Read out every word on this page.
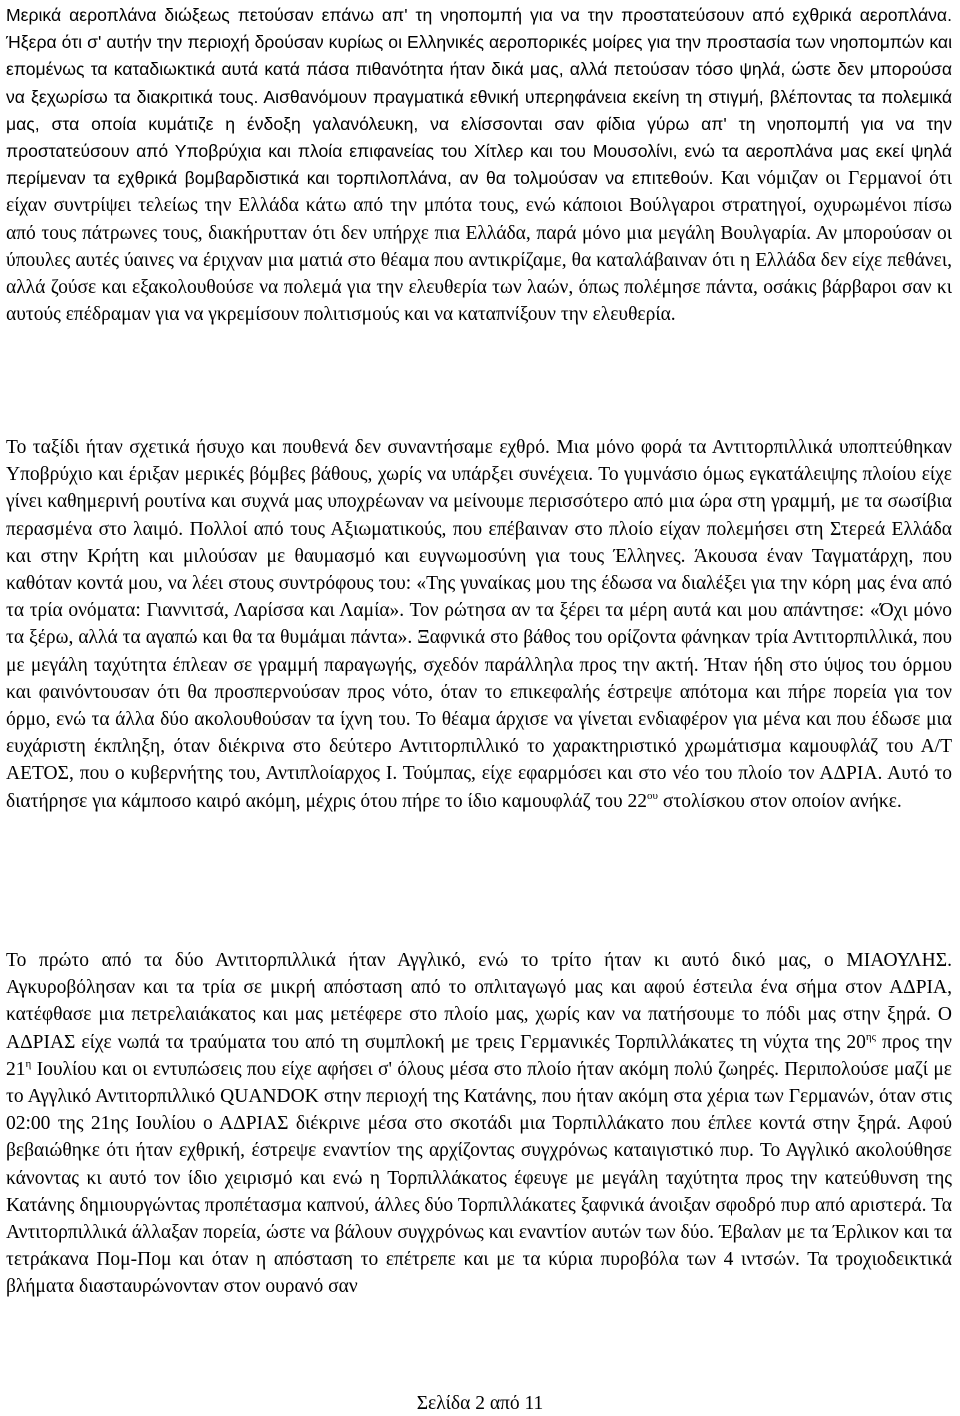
Μερικά αεροπλάνα διώξεως πετούσαν επάνω απ' τη νηοπομπή για να την προστατεύσουν από εχθρικά αεροπλάνα. Ήξερα ότι σ' αυτήν την περιοχή δρούσαν κυρίως οι Ελληνικές αεροπορικές μοίρες για την προστασία των νηοπομπών και επομένως τα καταδιωκτικά αυτά κατά πάσα πιθανότητα ήταν δικά μας, αλλά πετούσαν τόσο ψηλά, ώστε δεν μπορούσα να ξεχωρίσω τα διακριτικά τους. Αισθανόμουν πραγματικά εθνική υπερηφάνεια εκείνη τη στιγμή, βλέποντας τα πολεμικά μας, στα οποία κυμάτιζε η ένδοξη γαλανόλευκη, να ελίσσονται σαν φίδια γύρω απ' τη νηοπομπή για να την προστατεύσουν από Υποβρύχια και πλοία επιφανείας του Χίτλερ και του Μουσολίνι, ενώ τα αεροπλάνα μας εκεί ψηλά περίμεναν τα εχθρικά βομβαρδιστικά και τορπιλοπλάνα, αν θα τολμούσαν να επιτεθούν. Και νόμιζαν οι Γερμανοί ότι είχαν συντρίψει τελείως την Ελλάδα κάτω από την μπότα τους, ενώ κάποιοι Βούλγαροι στρατηγοί, οχυρωμένοι πίσω από τους πάτρωνες τους, διακήρυτταν ότι δεν υπήρχε πια Ελλάδα, παρά μόνο μια μεγάλη Βουλγαρία. Αν μπορούσαν οι ύπουλες αυτές ύαινες να έριχναν μια ματιά στο θέαμα που αντικρίζαμε, θα καταλάβαιναν ότι η Ελλάδα δεν είχε πεθάνει, αλλά ζούσε και εξακολουθούσε να πολεμά για την ελευθερία των λαών, όπως πολέμησε πάντα, οσάκις βάρβαροι σαν κι αυτούς επέδραμαν για να γκρεμίσουν πολιτισμούς και να καταπνίξουν την ελευθερία.

Το ταξίδι ήταν σχετικά ήσυχο και πουθενά δεν συναντήσαμε εχθρό. Μια μόνο φορά τα Αντιτορπιλλικά υποπτεύθηκαν Υποβρύχιο και έριξαν μερικές βόμβες βάθους, χωρίς να υπάρξει συνέχεια. Το γυμνάσιο όμως εγκατάλειψης πλοίου είχε γίνει καθημερινή ρουτίνα και συχνά μας υποχρέωναν να μείνουμε περισσότερο από μια ώρα στη γραμμή, με τα σωσίβια περασμένα στο λαιμό. Πολλοί από τους Αξιωματικούς, που επέβαιναν στο πλοίο είχαν πολεμήσει στη Στερεά Ελλάδα και στην Κρήτη και μιλούσαν με θαυμασμό και ευγνωμοσύνη για τους Έλληνες. Άκουσα έναν Ταγματάρχη, που καθόταν κοντά μου, να λέει στους συντρόφους του: «Της γυναίκας μου της έδωσα να διαλέξει για την κόρη μας ένα από τα τρία ονόματα: Γιαννιτσά, Λαρίσσα και Λαμία». Τον ρώτησα αν τα ξέρει τα μέρη αυτά και μου απάντησε: «Όχι μόνο τα ξέρω, αλλά τα αγαπώ και θα τα θυμάμαι πάντα». Ξαφνικά στο βάθος του ορίζοντα φάνηκαν τρία Αντιτορπιλλικά, που με μεγάλη ταχύτητα έπλεαν σε γραμμή παραγωγής, σχεδόν παράλληλα προς την ακτή. Ήταν ήδη στο ύψος του όρμου και φαινόντουσαν ότι θα προσπερνούσαν προς νότο, όταν το επικεφαλής έστρεψε απότομα και πήρε πορεία για τον όρμο, ενώ τα άλλα δύο ακολουθούσαν τα ίχνη του. Το θέαμα άρχισε να γίνεται ενδιαφέρον για μένα και που έδωσε μια ευχάριστη έκπληξη, όταν διέκρινα στο δεύτερο Αντιτορπιλλικό το χαρακτηριστικό χρωμάτισμα καμουφλάζ του Α/Τ ΑΕΤΟΣ, που ο κυβερνήτης του, Αντιπλοίαρχος Ι. Τούμπας, είχε εφαρμόσει και στο νέο του πλοίο τον ΑΔΡΙΑ. Αυτό το διατήρησε για κάμποσο καιρό ακόμη, μέχρις ότου πήρε το ίδιο καμουφλάζ του $22^{o\upsilon}$ στολίσκου στον οποίον ανήκε.

Το πρώτο από τα δύο Αντιτορπιλλικά ήταν Αγγλικό, ενώ το τρίτο ήταν κι αυτό δικό μας, ο ΜΙΑΟΥΛΗΣ. Αγκυροβόλησαν και τα τρία σε μικρή απόσταση από το οπλιταγωγό μας και αφού έστειλα ένα σήμα στον ΑΔΡΙΑ, κατέφθασε μια πετρελαιάκατος και μας μετέφερε στο πλοίο μας, χωρίς καν να πατήσουμε το πόδι μας στην ξηρά. Ο ΑΔΡΙΑΣ είχε νωπά τα τραύματα του από τη συμπλοκή με τρεις Γερμανικές Τορπιλλάκατες τη νύχτα της $20^{\eta\varsigma}$ προς την $21^\eta$ Ιουλίου και οι εντυπώσεις που είχε αφήσει σ' όλους μέσα στο πλοίο ήταν ακόμη πολύ ζωηρές. Περιπολούσε μαζί με το Αγγλικό Αντιτορπιλλικό QUANDOK στην περιοχή της Κατάνης, που ήταν ακόμη στα χέρια των Γερμανών, όταν στις 02:00 της 21ης Ιουλίου ο ΑΔΡΙΑΣ διέκρινε μέσα στο σκοτάδι μια Τορπιλλάκατο που έπλεε κοντά στην ξηρά. Αφού βεβαιώθηκε ότι ήταν εχθρική, έστρεψε εναντίον της αρχίζοντας συγχρόνως καταιγιστικό πυρ. Το Αγγλικό ακολούθησε κάνοντας κι αυτό τον ίδιο χειρισμό και ενώ η Τορπιλλάκατος έφευγε με μεγάλη ταχύτητα προς την κατεύθυνση της Κατάνης δημιουργώντας προπέτασμα καπνού, άλλες δύο Τορπιλλάκατες ξαφνικά άνοιξαν σφοδρό πυρ από αριστερά. Τα Αντιτορπιλλικά άλλαξαν πορεία, ώστε να βάλουν συγχρόνως και εναντίον αυτών των δύο. Έβαλαν με τα Έρλικον και τα τετράκανα Πομ-Πομ και όταν η απόσταση το επέτρεπε και με τα κύρια πυροβόλα των 4 ιντσών. Τα τροχιοδεικτικά βλήματα διασταυρώνονταν στον ουρανό σαν

Σελίδα 2 από 11
